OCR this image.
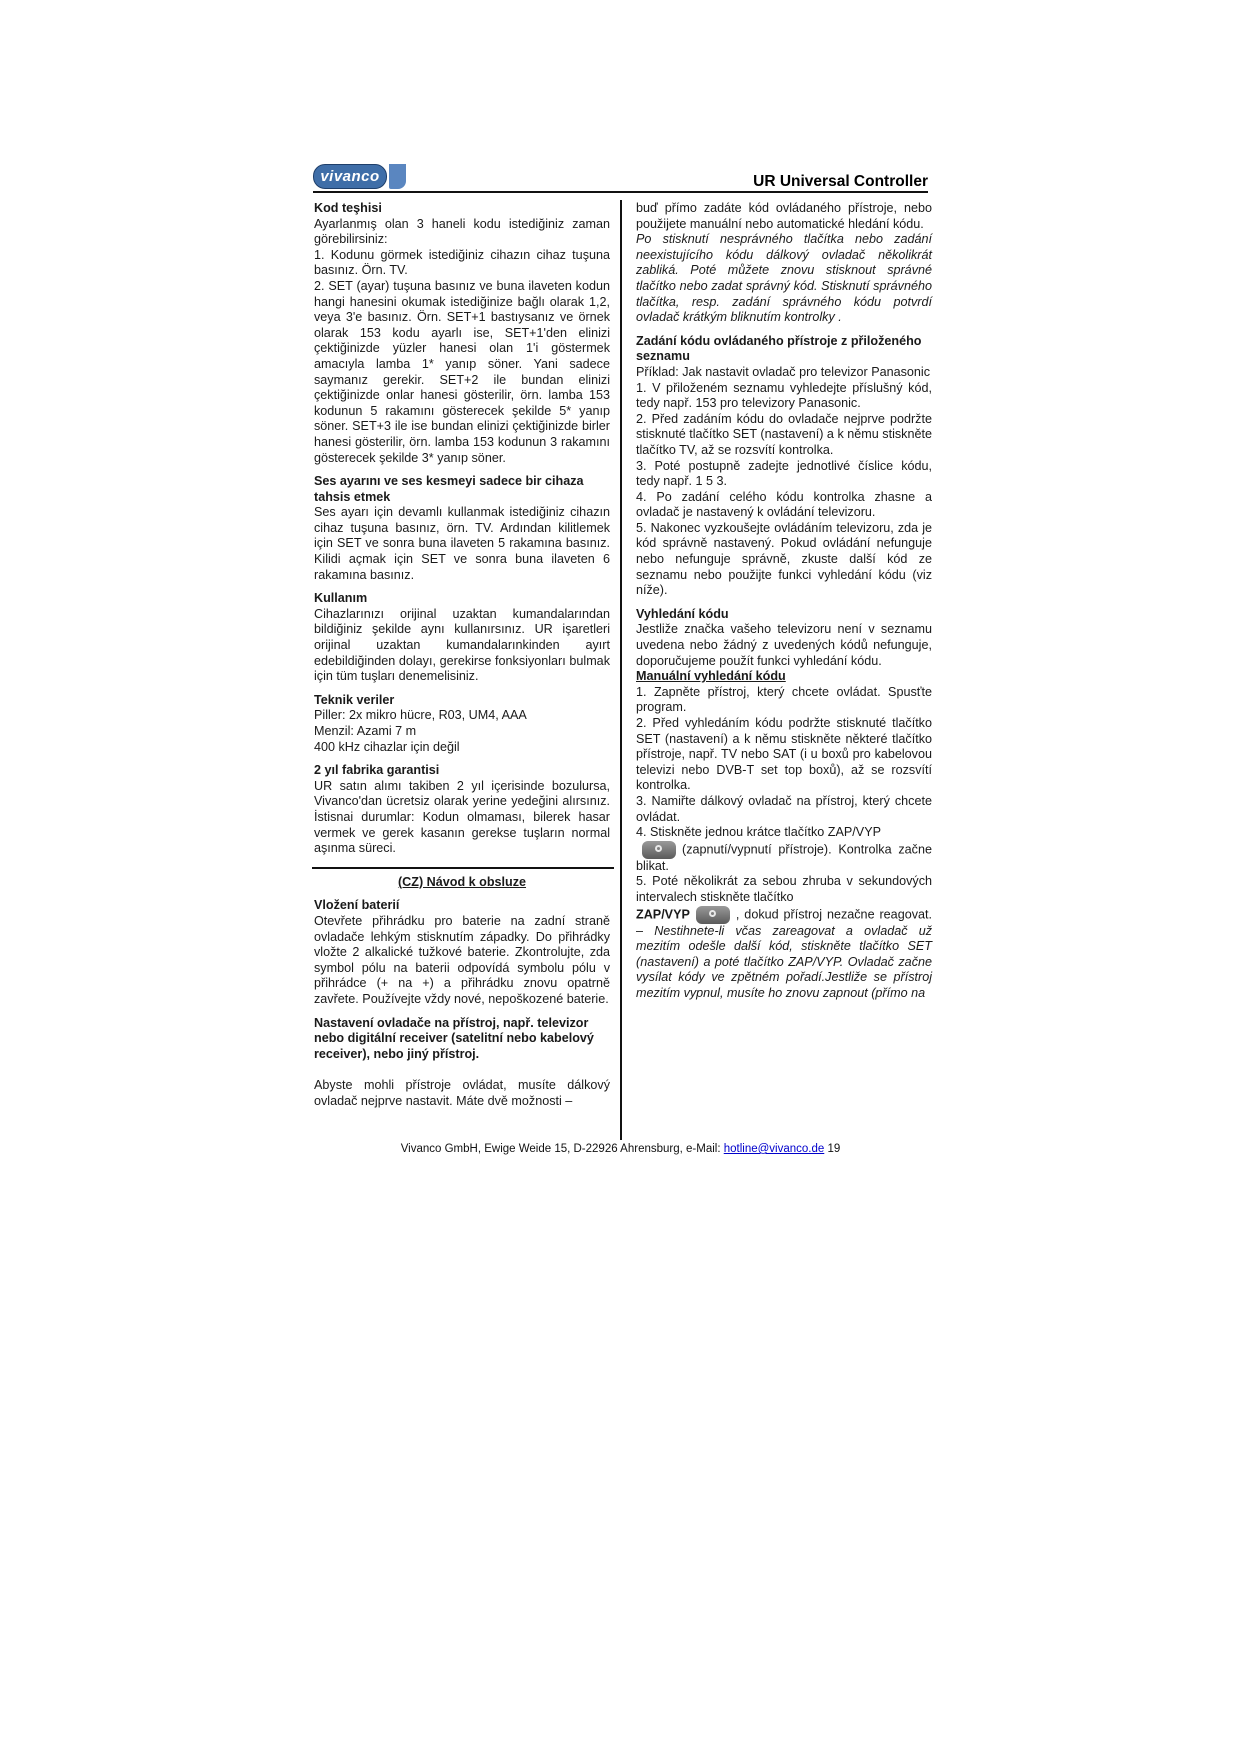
vivanco	UR Universal Controller

Kod teşhisi

Ayarlanmış olan 3 haneli kodu istediğiniz zaman görebilirsiniz:

1. Kodunu görmek istediğiniz cihazın cihaz tuşuna basınız. Örn. TV.

2. SET (ayar) tuşuna basınız ve buna ilaveten kodun hangi hanesini okumak istediğinize bağlı olarak 1,2, veya 3'e basınız. Örn. SET+1 bastıysanız ve örnek olarak 153 kodu ayarlı ise, SET+1'den elinizi çektiğinizde yüzler hanesi olan 1'i göstermek amacıyla lamba 1* yanıp söner. Yani sadece saymanız gerekir. SET+2 ile bundan elinizi çektiğinizde onlar hanesi gösterilir, örn. lamba 153 kodunun 5 rakamını gösterecek şekilde 5* yanıp söner. SET+3 ile ise bundan elinizi çektiğinizde birler hanesi gösterilir, örn. lamba 153 kodunun 3 rakamını gösterecek şekilde 3* yanıp söner.

Ses ayarını ve ses kesmeyi sadece bir cihaza tahsis etmek

Ses ayarı için devamlı kullanmak istediğiniz cihazın cihaz tuşuna basınız, örn. TV. Ardından kilitlemek için SET ve sonra buna ilaveten 5 rakamına basınız. Kilidi açmak için SET ve sonra buna ilaveten 6 rakamına basınız.

Kullanım

Cihazlarınızı orijinal uzaktan kumandalarından bildiğiniz şekilde aynı kullanırsınız. UR işaretleri orijinal uzaktan kumandalarınkinden ayırt edebildiğinden dolayı, gerekirse fonksiyonları bulmak için tüm tuşları denemelisiniz.

Teknik veriler

Piller: 2x mikro hücre, R03, UM4, AAA

Menzil: Azami 7 m

400 kHz cihazlar için değil

2 yıl fabrika garantisi

UR satın alımı takiben 2 yıl içerisinde bozulursa, Vivanco'dan ücretsiz olarak yerine yedeğini alırsınız. İstisnai durumlar: Kodun olmaması, bilerek hasar vermek ve gerek kasanın gerekse tuşların normal aşınma süreci.

(CZ) Návod k obsluze

Vložení baterií

Otevřete přihrádku pro baterie na zadní straně ovladače lehkým stisknutím západky. Do přihrádky vložte 2 alkalické tužkové baterie. Zkontrolujte, zda symbol pólu na baterii odpovídá symbolu pólu v přihrádce (+ na +) a přihrádku znovu opatrně zavřete. Používejte vždy nové, nepoškozené baterie.

Nastavení ovladače na přístroj, např. televizor nebo digitální receiver (satelitní nebo kabelový receiver), nebo jiný přístroj.

Abyste mohli přístroje ovládat, musíte dálkový ovladač nejprve nastavit. Máte dvě možnosti –

buď přímo zadáte kód ovládaného přístroje, nebo použijete manuální nebo automatické hledání kódu.

Po stisknutí nesprávného tlačítka nebo zadání neexistujícího kódu dálkový ovladač několikrát zabliká. Poté můžete znovu stisknout správné tlačítko nebo zadat správný kód. Stisknutí správného tlačítka, resp. zadání správného kódu potvrdí ovladač krátkým bliknutím kontrolky .

Zadání kódu ovládaného přístroje z přiloženého seznamu

Příklad: Jak nastavit ovladač pro televizor Panasonic

1. V přiloženém seznamu vyhledejte příslušný kód, tedy např. 153 pro televizory Panasonic.

2. Před zadáním kódu do ovladače nejprve podržte stisknuté tlačítko SET (nastavení) a k němu stiskněte tlačítko TV, až se rozsvítí kontrolka.

3. Poté postupně zadejte jednotlivé číslice kódu, tedy např. 1 5 3.

4. Po zadání celého kódu kontrolka zhasne a ovladač je nastavený k ovládání televizoru.

5. Nakonec vyzkoušejte ovládáním televizoru, zda je kód správně nastavený. Pokud ovládání nefunguje nebo nefunguje správně, zkuste další kód ze seznamu nebo použijte funkci vyhledání kódu (viz níže).

Vyhledání kódu

Jestliže značka vašeho televizoru není v seznamu uvedena nebo žádný z uvedených kódů nefunguje, doporučujeme použít funkci vyhledání kódu.

Manuální vyhledání kódu

1. Zapněte přístroj, který chcete ovládat. Spusťte program.

2. Před vyhledáním kódu podržte stisknuté tlačítko SET (nastavení) a k němu stiskněte některé tlačítko přístroje, např. TV nebo SAT (i u boxů pro kabelovou televizi nebo DVB-T set top boxů), až se rozsvítí kontrolka.

3. Namiřte dálkový ovladač na přístroj, který chcete ovládat.

4. Stiskněte jednou krátce tlačítko ZAP/VYP

(zapnutí/vypnutí přístroje). Kontrolka začne blikat.

5. Poté několikrát za sebou zhruba v sekundových intervalech stiskněte tlačítko

ZAP/VYP	, dokud přístroj nezačne reagovat. – Nestihnete-li včas zareagovat a ovladač už mezitím odešle další kód, stiskněte tlačítko SET (nastavení) a poté tlačítko ZAP/VYP. Ovladač začne vysílat kódy ve zpětném pořadí.Jestliže se přístroj mezitím vypnul, musíte ho znovu zapnout (přímo na

Vivanco GmbH, Ewige Weide 15, D-22926 Ahrensburg, e-Mail: hotline@vivanco.de 19
